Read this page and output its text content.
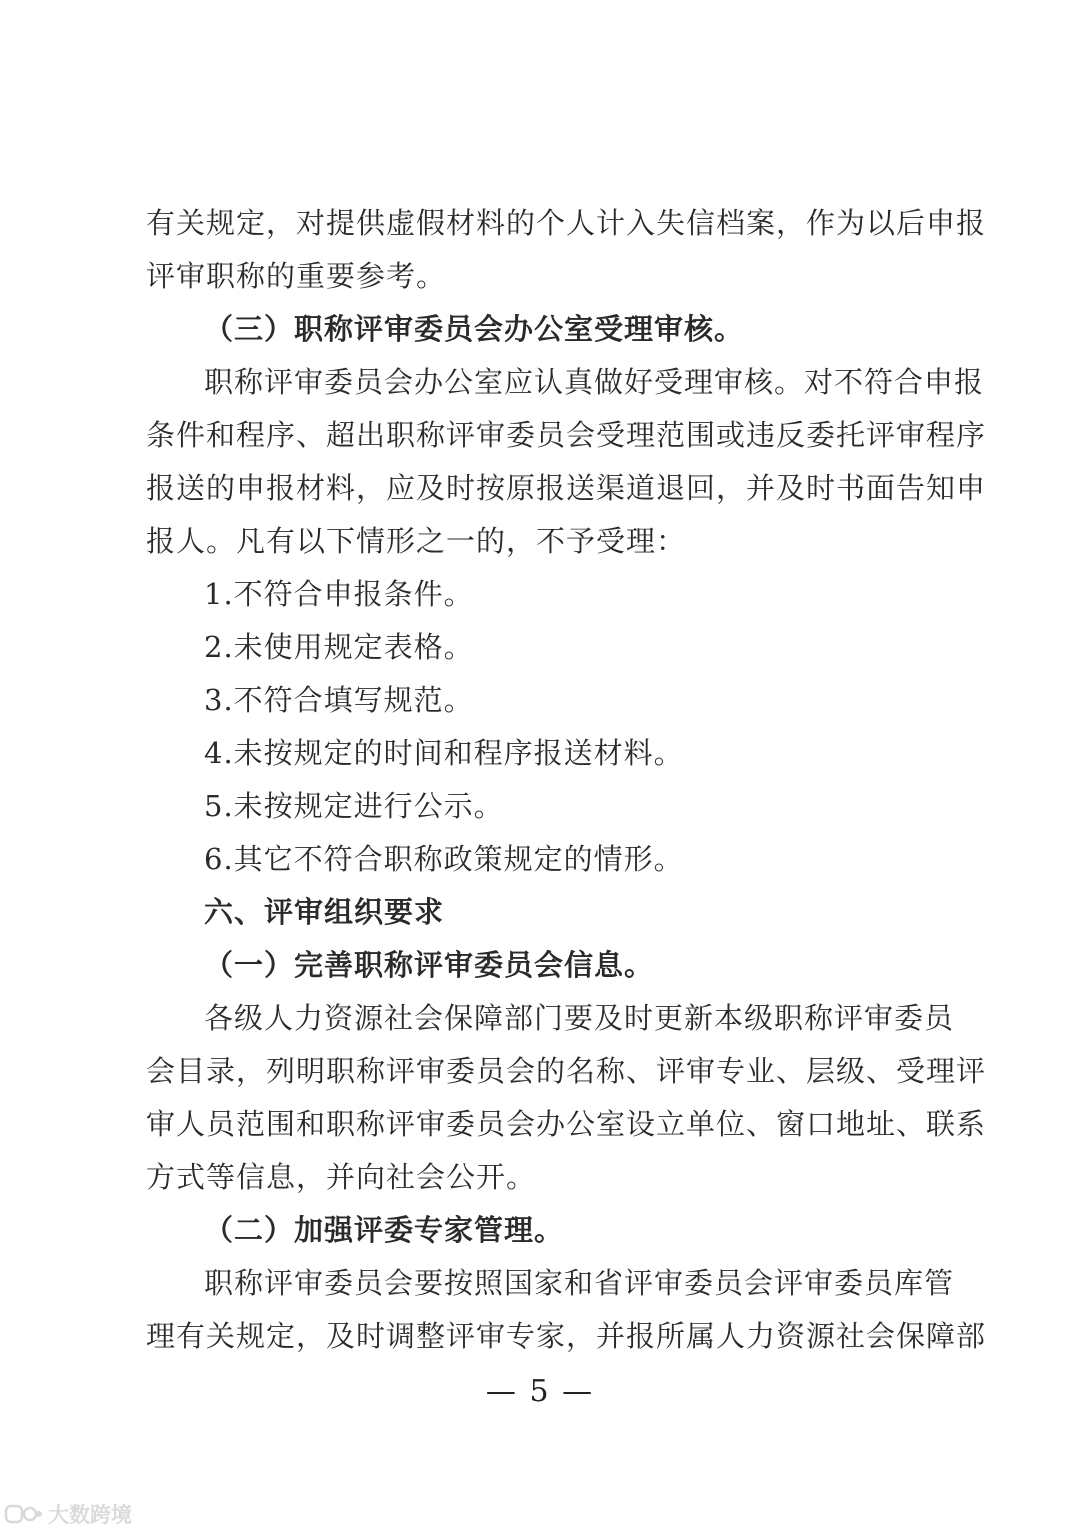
有关规定，对提供虚假材料的个人计入失信档案，作为以后申报
评审职称的重要参考。
（三）职称评审委员会办公室受理审核。
职称评审委员会办公室应认真做好受理审核。对不符合申报
条件和程序、超出职称评审委员会受理范围或违反委托评审程序
报送的申报材料，应及时按原报送渠道退回，并及时书面告知申
报人。凡有以下情形之一的，不予受理：
1.不符合申报条件。
2.未使用规定表格。
3.不符合填写规范。
4.未按规定的时间和程序报送材料。
5.未按规定进行公示。
6.其它不符合职称政策规定的情形。
六、评审组织要求
（一）完善职称评审委员会信息。
各级人力资源社会保障部门要及时更新本级职称评审委员
会目录，列明职称评审委员会的名称、评审专业、层级、受理评
审人员范围和职称评审委员会办公室设立单位、窗口地址、联系
方式等信息，并向社会公开。
（二）加强评委专家管理。
职称评审委员会要按照国家和省评审委员会评审委员库管
理有关规定，及时调整评审专家，并报所属人力资源社会保障部
— 5 —
大数跨境
